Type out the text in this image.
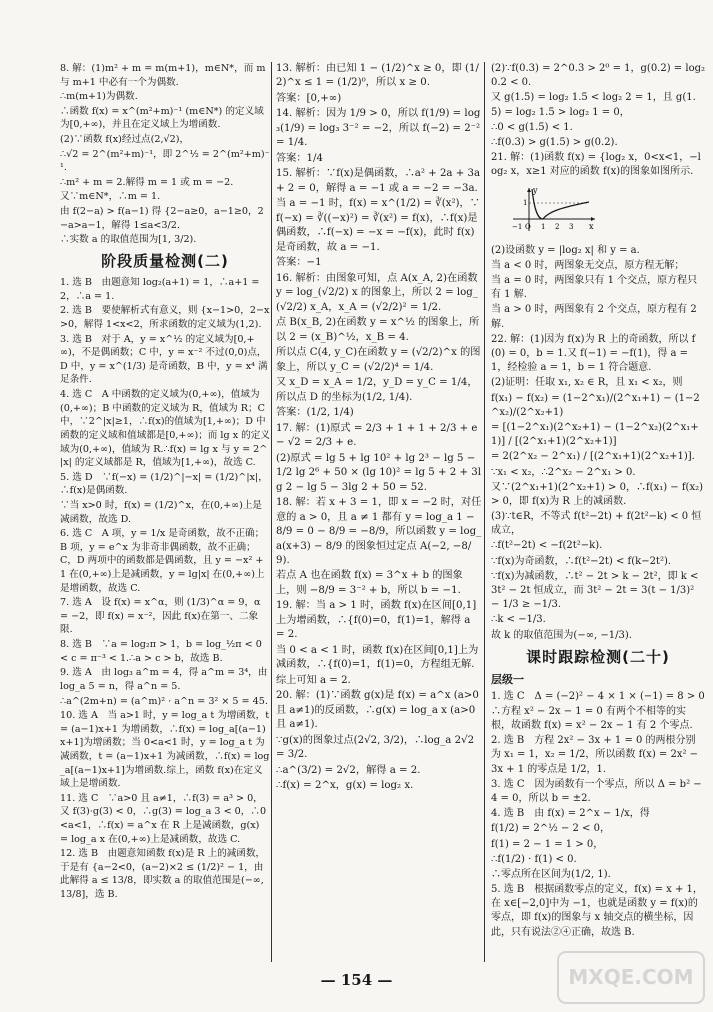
8. 解：(1)m² + m = m(m+1)，m∈N*，而 m 与 m+1 中必有一个为偶数.

∴m(m+1)为偶数.

∴函数 f(x) = x^(m²+m)⁻¹ (m∈N*) 的定义域为[0,+∞)，并且在定义域上为增函数.

(2)∵函数 f(x)经过点(2,√2)，

∴√2 = 2^(m²+m)⁻¹，即 2^½ = 2^(m²+m)⁻¹.

∴m² + m = 2.解得 m = 1 或 m = −2.

又∵m∈N*，∴m = 1.

由 f(2−a) > f(a−1) 得 {2−a≥0，a−1≥0，2−a>a−1，解得 1≤a<3/2.

∴实数 a 的取值范围为[1, 3/2).

阶段质量检测(二)

1. 选 B　由题意知 log₂(a+1) = 1，∴a+1 = 2，∴a = 1.

2. 选 B　要使解析式有意义，则 {x−1>0，2−x>0，解得 1<x<2，所求函数的定义域为(1,2).

3. 选 B　对于 A，y = x^½ 的定义域为[0,+∞)，不是偶函数；C 中，y = x⁻² 不过(0,0)点，D 中，y = x^(1/3) 是奇函数，B 中，y = x⁴ 满足条件.

4. 选 C　A 中函数的定义域为(0,+∞)，值域为(0,+∞)；B 中函数的定义域为 R，值域为 R；C 中，∵2^|x|≥1，∴f(x)的值域为[1,+∞)；D 中函数的定义域和值域都是[0,+∞)；而 lg x 的定义域为(0,+∞)，值域为 R.∴f(x) = lg x 与 y = 2^|x| 的定义域都是 R，值域为[1,+∞)，故选 C.

5. 选 D　∵f(−x) = (1/2)^|−x| = (1/2)^|x|，∴f(x)是偶函数.

∵当 x>0 时，f(x) = (1/2)^x，在(0,+∞)上是减函数，故选 D.

6. 选 C　A 项，y = 1/x 是奇函数，故不正确；B 项，y = e^x 为非奇非偶函数，故不正确；C，D 两项中的函数都是偶函数，且 y = −x² + 1 在(0,+∞)上是减函数，y = lg|x| 在(0,+∞)上是增函数，故选 C.

7. 选 A　设 f(x) = x^α，则 (1/3)^α = 9，α = −2，即 f(x) = x⁻²，因此 f(x)在第一、二象限.

8. 选 B　∵a = log₂π > 1，b = log_½π < 0 < c = π⁻³ < 1.∴a > c > b，故选 B.

9. 选 A　由 log₃ a^m = 4，得 a^m = 3⁴，由 log_a 5 = n，得 a^n = 5.

∴a^(2m+n) = (a^m)² · a^n = 3² × 5 = 45.

10. 选 A　当 a>1 时，y = log_a t 为增函数，t = (a−1)x+1 为增函数，∴f(x) = log_a[(a−1)x+1]为增函数；当 0<a<1 时，y = log_a t 为减函数，t = (a−1)x+1 为减函数，∴f(x) = log_a[(a−1)x+1]为增函数.综上，函数 f(x)在定义域上是增函数.

11. 选 C　∵a>0 且 a≠1，∴f(3) = a³ > 0，又 f(3)·g(3) < 0，∴g(3) = log_a 3 < 0，∴0<a<1，∴f(x) = a^x 在 R 上是减函数，g(x) = log_a x 在(0,+∞)上是减函数，故选 C.

12. 选 B　由题意知函数 f(x)是 R 上的减函数，于是有 {a−2<0，(a−2)×2 ≤ (1/2)² − 1，由此解得 a ≤ 13/8，即实数 a 的取值范围是(−∞, 13/8]，选 B.

13. 解析：由已知 1 − (1/2)^x ≥ 0，即 (1/2)^x ≤ 1 = (1/2)⁰，所以 x ≥ 0.

答案：[0,+∞)

14. 解析：因为 1/9 > 0，所以 f(1/9) = log₃(1/9) = log₃ 3⁻² = −2，所以 f(−2) = 2⁻² = 1/4.

答案：1/4

15. 解析：∵f(x)是偶函数，∴a² + 2a + 3a + 2 = 0，解得 a = −1 或 a = −2 = −3a.

当 a = −1 时，f(x) = x^(1/2) = ∛(x²)，∵f(−x) = ∛((−x)²) = ∛(x²) = f(x)，∴f(x)是偶函数，∴f(−x) = −x = −f(x)，此时 f(x)是奇函数，故 a = −1.

答案：−1

16. 解析：由图象可知，点 A(x_A, 2)在函数 y = log_(√2/2) x 的图象上，所以 2 = log_(√2/2) x_A，x_A = (√2/2)² = 1/2.

点 B(x_B, 2)在函数 y = x^½ 的图象上，所以 2 = (x_B)^½，x_B = 4.

所以点 C(4, y_C)在函数 y = (√2/2)^x 的图象上，所以 y_C = (√2/2)⁴ = 1/4.

又 x_D = x_A = 1/2，y_D = y_C = 1/4，所以点 D 的坐标为(1/2, 1/4).

答案：(1/2, 1/4)

17. 解：(1)原式 = 2/3 + 1 + 1 + 2/3 + e − √2 = 2/3 + e.

(2)原式 = lg 5 + lg 10² + lg 2³ − lg 5 − 1/2 lg 2⁶ + 50 × (lg 10)² = lg 5 + 2 + 3lg 2 − lg 5 − 3lg 2 + 50 = 52.

18. 解：若 x + 3 = 1，即 x = −2 时，对任意的 a > 0，且 a ≠ 1 都有 y = log_a 1 − 8/9 = 0 − 8/9 = −8/9，所以函数 y = log_a(x+3) − 8/9 的图象恒过定点 A(−2, −8/9).

若点 A 也在函数 f(x) = 3^x + b 的图象上，则 −8/9 = 3⁻² + b，所以 b = −1.

19. 解：当 a > 1 时，函数 f(x)在区间[0,1]上为增函数，∴{f(0)=0，f(1)=1，解得 a = 2.

当 0 < a < 1 时，函数 f(x)在区间[0,1]上为减函数，∴{f(0)=1，f(1)=0，方程组无解.

综上可知 a = 2.

20. 解：(1)∵函数 g(x)是 f(x) = a^x (a>0 且 a≠1)的反函数，∴g(x) = log_a x (a>0 且 a≠1).

∵g(x)的图象过点(2√2, 3/2)，∴log_a 2√2 = 3/2.

∴a^(3/2) = 2√2，解得 a = 2.

∴f(x) = 2^x，g(x) = log₂ x.

(2)∵f(0.3) = 2^0.3 > 2⁰ = 1，g(0.2) = log₂ 0.2 < 0.

又 g(1.5) = log₂ 1.5 < log₂ 2 = 1，且 g(1.5) = log₂ 1.5 > log₂ 1 = 0，

∴0 < g(1.5) < 1.

∴f(0.3) > g(1.5) > g(0.2).

21. 解：(1)函数 f(x) = {log₂ x，0<x<1，−log₂ x，x≥1 对应的函数 f(x)的图象如图所示.

y
x
1
−1 O 1 2 3

(2)设函数 y = |log₂ x| 和 y = a.

当 a < 0 时，两图象无交点，原方程无解；

当 a = 0 时，两图象只有 1 个交点，原方程只有 1 解.

当 a > 0 时，两图象有 2 个交点，原方程有 2 解.

22. 解：(1)因为 f(x)为 R 上的奇函数，所以 f(0) = 0，b = 1.又 f(−1) = −f(1)，得 a = 1，经检验 a = 1，b = 1 符合题意.

(2)证明：任取 x₁, x₂ ∈ R，且 x₁ < x₂，则

f(x₁) − f(x₂) = (1−2^x₁)/(2^x₁+1) − (1−2^x₂)/(2^x₂+1)

= [(1−2^x₁)(2^x₂+1) − (1−2^x₂)(2^x₁+1)] / [(2^x₁+1)(2^x₂+1)]

= 2(2^x₂ − 2^x₁) / [(2^x₁+1)(2^x₂+1)].

∵x₁ < x₂，∴2^x₂ − 2^x₁ > 0.

又∵(2^x₁+1)(2^x₂+1) > 0，∴f(x₁) − f(x₂) > 0，即 f(x)为 R 上的减函数.

(3)∵t∈R，不等式 f(t²−2t) + f(2t²−k) < 0 恒成立，

∴f(t²−2t) < −f(2t²−k).

∵f(x)为奇函数，∴f(t²−2t) < f(k−2t²).

∵f(x)为减函数，∴t² − 2t > k − 2t²，即 k < 3t² − 2t 恒成立，而 3t² − 2t = 3(t − 1/3)² − 1/3 ≥ −1/3.

∴k < −1/3.

故 k 的取值范围为(−∞, −1/3).

课时跟踪检测(二十)
层级一

1. 选 C　Δ = (−2)² − 4 × 1 × (−1) = 8 > 0

∴方程 x² − 2x − 1 = 0 有两个不相等的实根，故函数 f(x) = x² − 2x − 1 有 2 个零点.

2. 选 B　方程 2x² − 3x + 1 = 0 的两根分别为 x₁ = 1，x₂ = 1/2，所以函数 f(x) = 2x² − 3x + 1 的零点是 1/2，1.

3. 选 C　因为函数有一个零点，所以 Δ = b² − 4 = 0，所以 b = ±2.

4. 选 B　由 f(x) = 2^x − 1/x，得

f(1/2) = 2^½ − 2 < 0，

f(1) = 2 − 1 = 1 > 0，

∴f(1/2) · f(1) < 0.

∴零点所在区间为(1/2, 1).

5. 选 B　根据函数零点的定义，f(x) = x + 1，在 x∈[−2,0]中为 −1，也就是函数 y = f(x)的零点，即 f(x)的图象与 x 轴交点的横坐标，因此，只有说法②④正确，故选 B.

— 154 —	MXQE.COM
